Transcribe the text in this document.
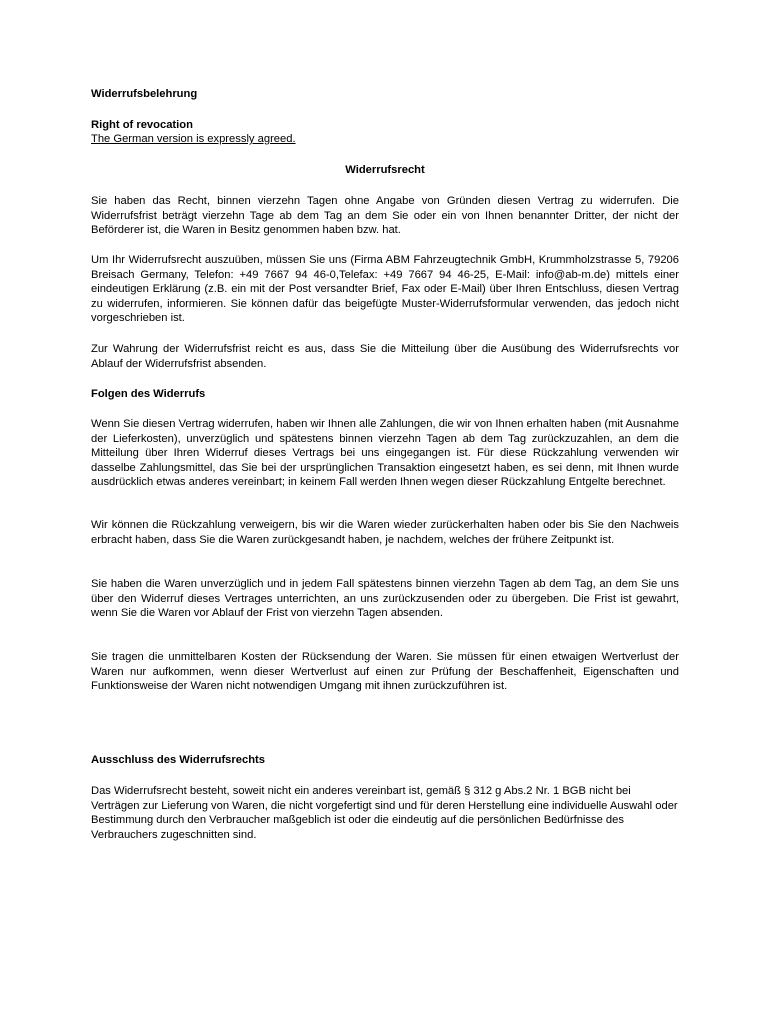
Widerrufsbelehrung

Right of revocation

The German version is expressly agreed.

Widerrufsrecht

Sie haben das Recht, binnen vierzehn Tagen ohne Angabe von Gründen diesen Vertrag zu widerrufen. Die Widerrufsfrist beträgt vierzehn Tage ab dem Tag an dem Sie oder ein von Ihnen benannter Dritter, der nicht der Beförderer ist, die Waren in Besitz genommen haben bzw. hat.

Um Ihr Widerrufsrecht auszuüben, müssen Sie uns (Firma ABM Fahrzeugtechnik GmbH, Krummholzstrasse 5, 79206 Breisach Germany, Telefon: +49 7667 94 46-0,Telefax: +49 7667 94 46-25, E-Mail: info@ab-m.de) mittels einer eindeutigen Erklärung (z.B. ein mit der Post versandter Brief, Fax oder E-Mail) über Ihren Entschluss, diesen Vertrag zu widerrufen, informieren. Sie können dafür das beigefügte Muster-Widerrufsformular verwenden, das jedoch nicht vorgeschrieben ist.

Zur Wahrung der Widerrufsfrist reicht es aus, dass Sie die Mitteilung über die Ausübung des Widerrufsrechts vor Ablauf der Widerrufsfrist absenden.

Folgen des Widerrufs

Wenn Sie diesen Vertrag widerrufen, haben wir Ihnen alle Zahlungen, die wir von Ihnen erhalten haben (mit Ausnahme der Lieferkosten), unverzüglich und spätestens binnen vierzehn Tagen ab dem Tag zurückzuzahlen, an dem die Mitteilung über Ihren Widerruf dieses Vertrags bei uns eingegangen ist. Für diese Rückzahlung verwenden wir dasselbe Zahlungsmittel, das Sie bei der ursprünglichen Transaktion eingesetzt haben, es sei denn, mit Ihnen wurde ausdrücklich etwas anderes vereinbart; in keinem Fall werden Ihnen wegen dieser Rückzahlung Entgelte berechnet.

Wir können die Rückzahlung verweigern, bis wir die Waren wieder zurückerhalten haben oder bis Sie den Nachweis erbracht haben, dass Sie die Waren zurückgesandt haben, je nachdem, welches der frühere Zeitpunkt ist.

Sie haben die Waren unverzüglich und in jedem Fall spätestens binnen vierzehn Tagen ab dem Tag, an dem Sie uns über den Widerruf dieses Vertrages unterrichten, an uns zurückzusenden oder zu übergeben. Die Frist ist gewahrt, wenn Sie die Waren vor Ablauf der Frist von vierzehn Tagen absenden.

Sie tragen die unmittelbaren Kosten der Rücksendung der Waren. Sie müssen für einen etwaigen Wertverlust der Waren nur aufkommen, wenn dieser Wertverlust auf einen zur Prüfung der Beschaffenheit, Eigenschaften und Funktionsweise der Waren nicht notwendigen Umgang mit ihnen zurückzuführen ist.

Ausschluss des Widerrufsrechts

Das Widerrufsrecht besteht, soweit nicht ein anderes vereinbart ist, gemäß § 312 g Abs.2 Nr. 1 BGB nicht bei Verträgen zur Lieferung von Waren, die nicht vorgefertigt sind und für deren Herstellung eine individuelle Auswahl oder Bestimmung durch den Verbraucher maßgeblich ist oder die eindeutig auf die persönlichen Bedürfnisse des Verbrauchers zugeschnitten sind.
